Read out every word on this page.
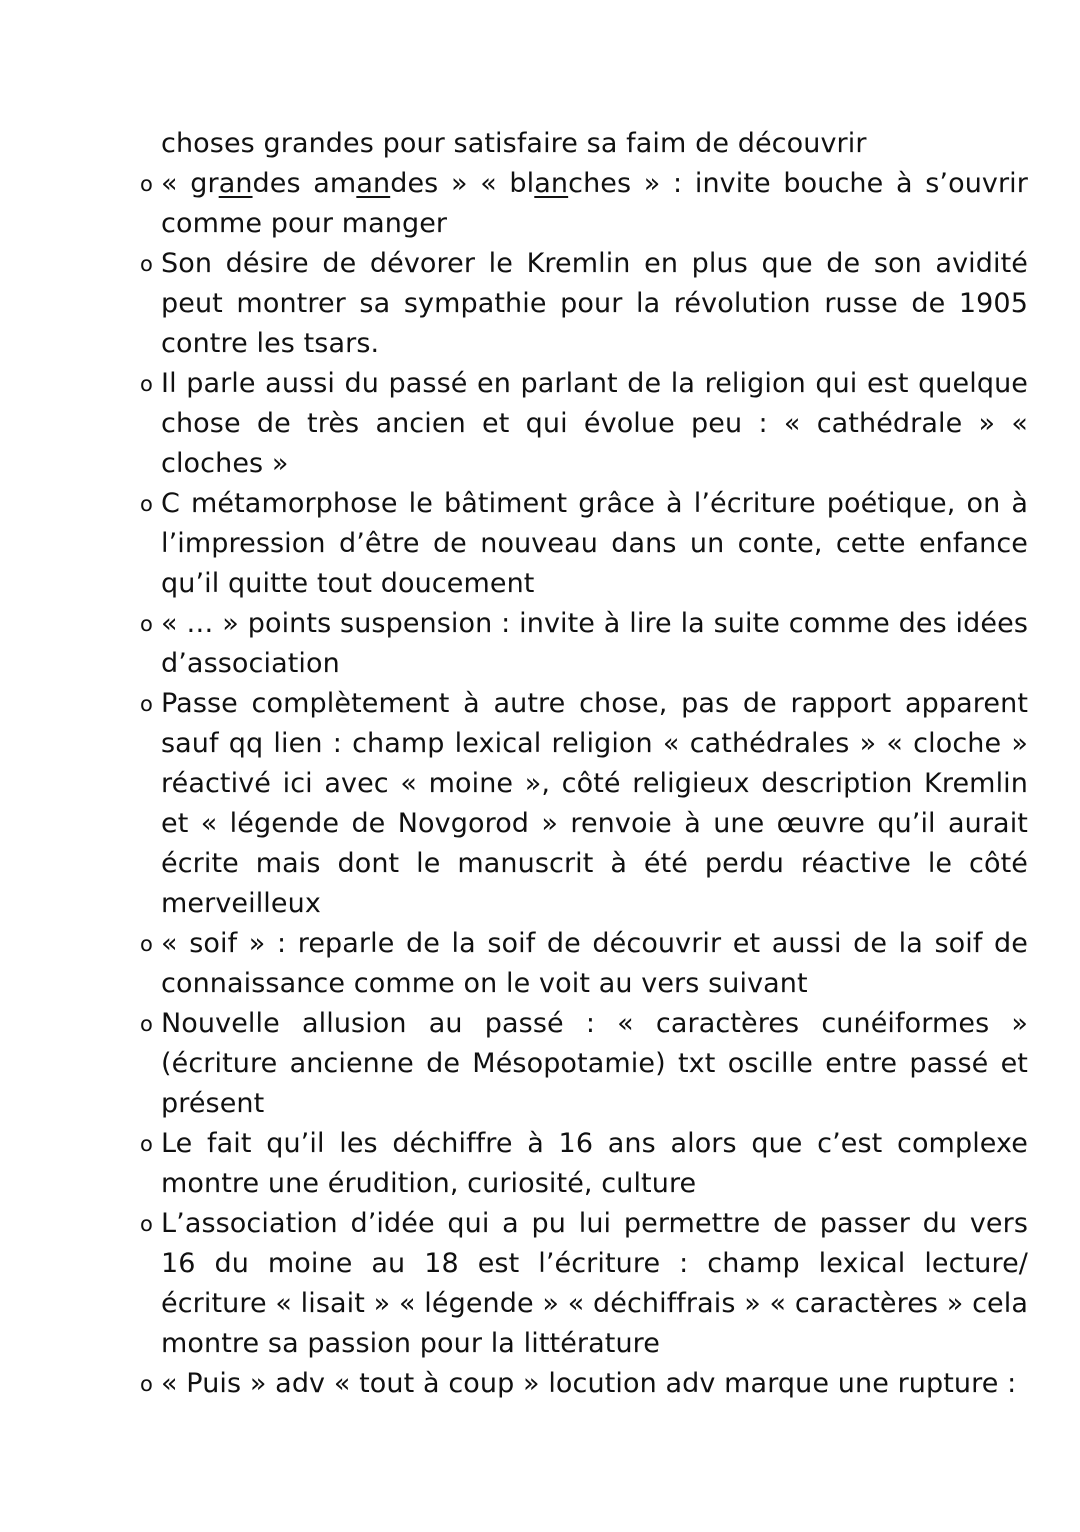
choses grandes pour satisfaire sa faim de découvrir

o « grandes amandes » « blanches » : invite bouche à s’ouvrir comme pour manger
o Son désire de dévorer le Kremlin en plus que de son avidité peut montrer sa sympathie pour la révolution russe de 1905 contre les tsars.
o Il parle aussi du passé en parlant de la religion qui est quelque chose de très ancien et qui évolue peu : « cathédrale » « cloches »
o C métamorphose le bâtiment grâce à l’écriture poétique, on à l’impression d’être de nouveau dans un conte, cette enfance qu’il quitte tout doucement
o « … » points suspension : invite à lire la suite comme des idées d’association
o Passe complètement à autre chose, pas de rapport apparent sauf qq lien : champ lexical religion « cathédrales » « cloche » réactivé ici avec « moine », côté religieux description Kremlin et « légende de Novgorod » renvoie à une œuvre qu’il aurait écrite mais dont le manuscrit à été perdu réactive le côté merveilleux
o « soif » : reparle de la soif de découvrir et aussi de la soif de connaissance comme on le voit au vers suivant
o Nouvelle allusion au passé : « caractères cunéiformes » (écriture ancienne de Mésopotamie) txt oscille entre passé et présent
o Le fait qu’il les déchiffre à 16 ans alors que c’est complexe montre une érudition, curiosité, culture
o L’association d’idée qui a pu lui permettre de passer du vers 16 du moine au 18 est l’écriture : champ lexical lecture/écriture « lisait » « légende » « déchiffrais » « caractères » cela montre sa passion pour la littérature
o « Puis » adv « tout à coup » locution adv marque une rupture :
